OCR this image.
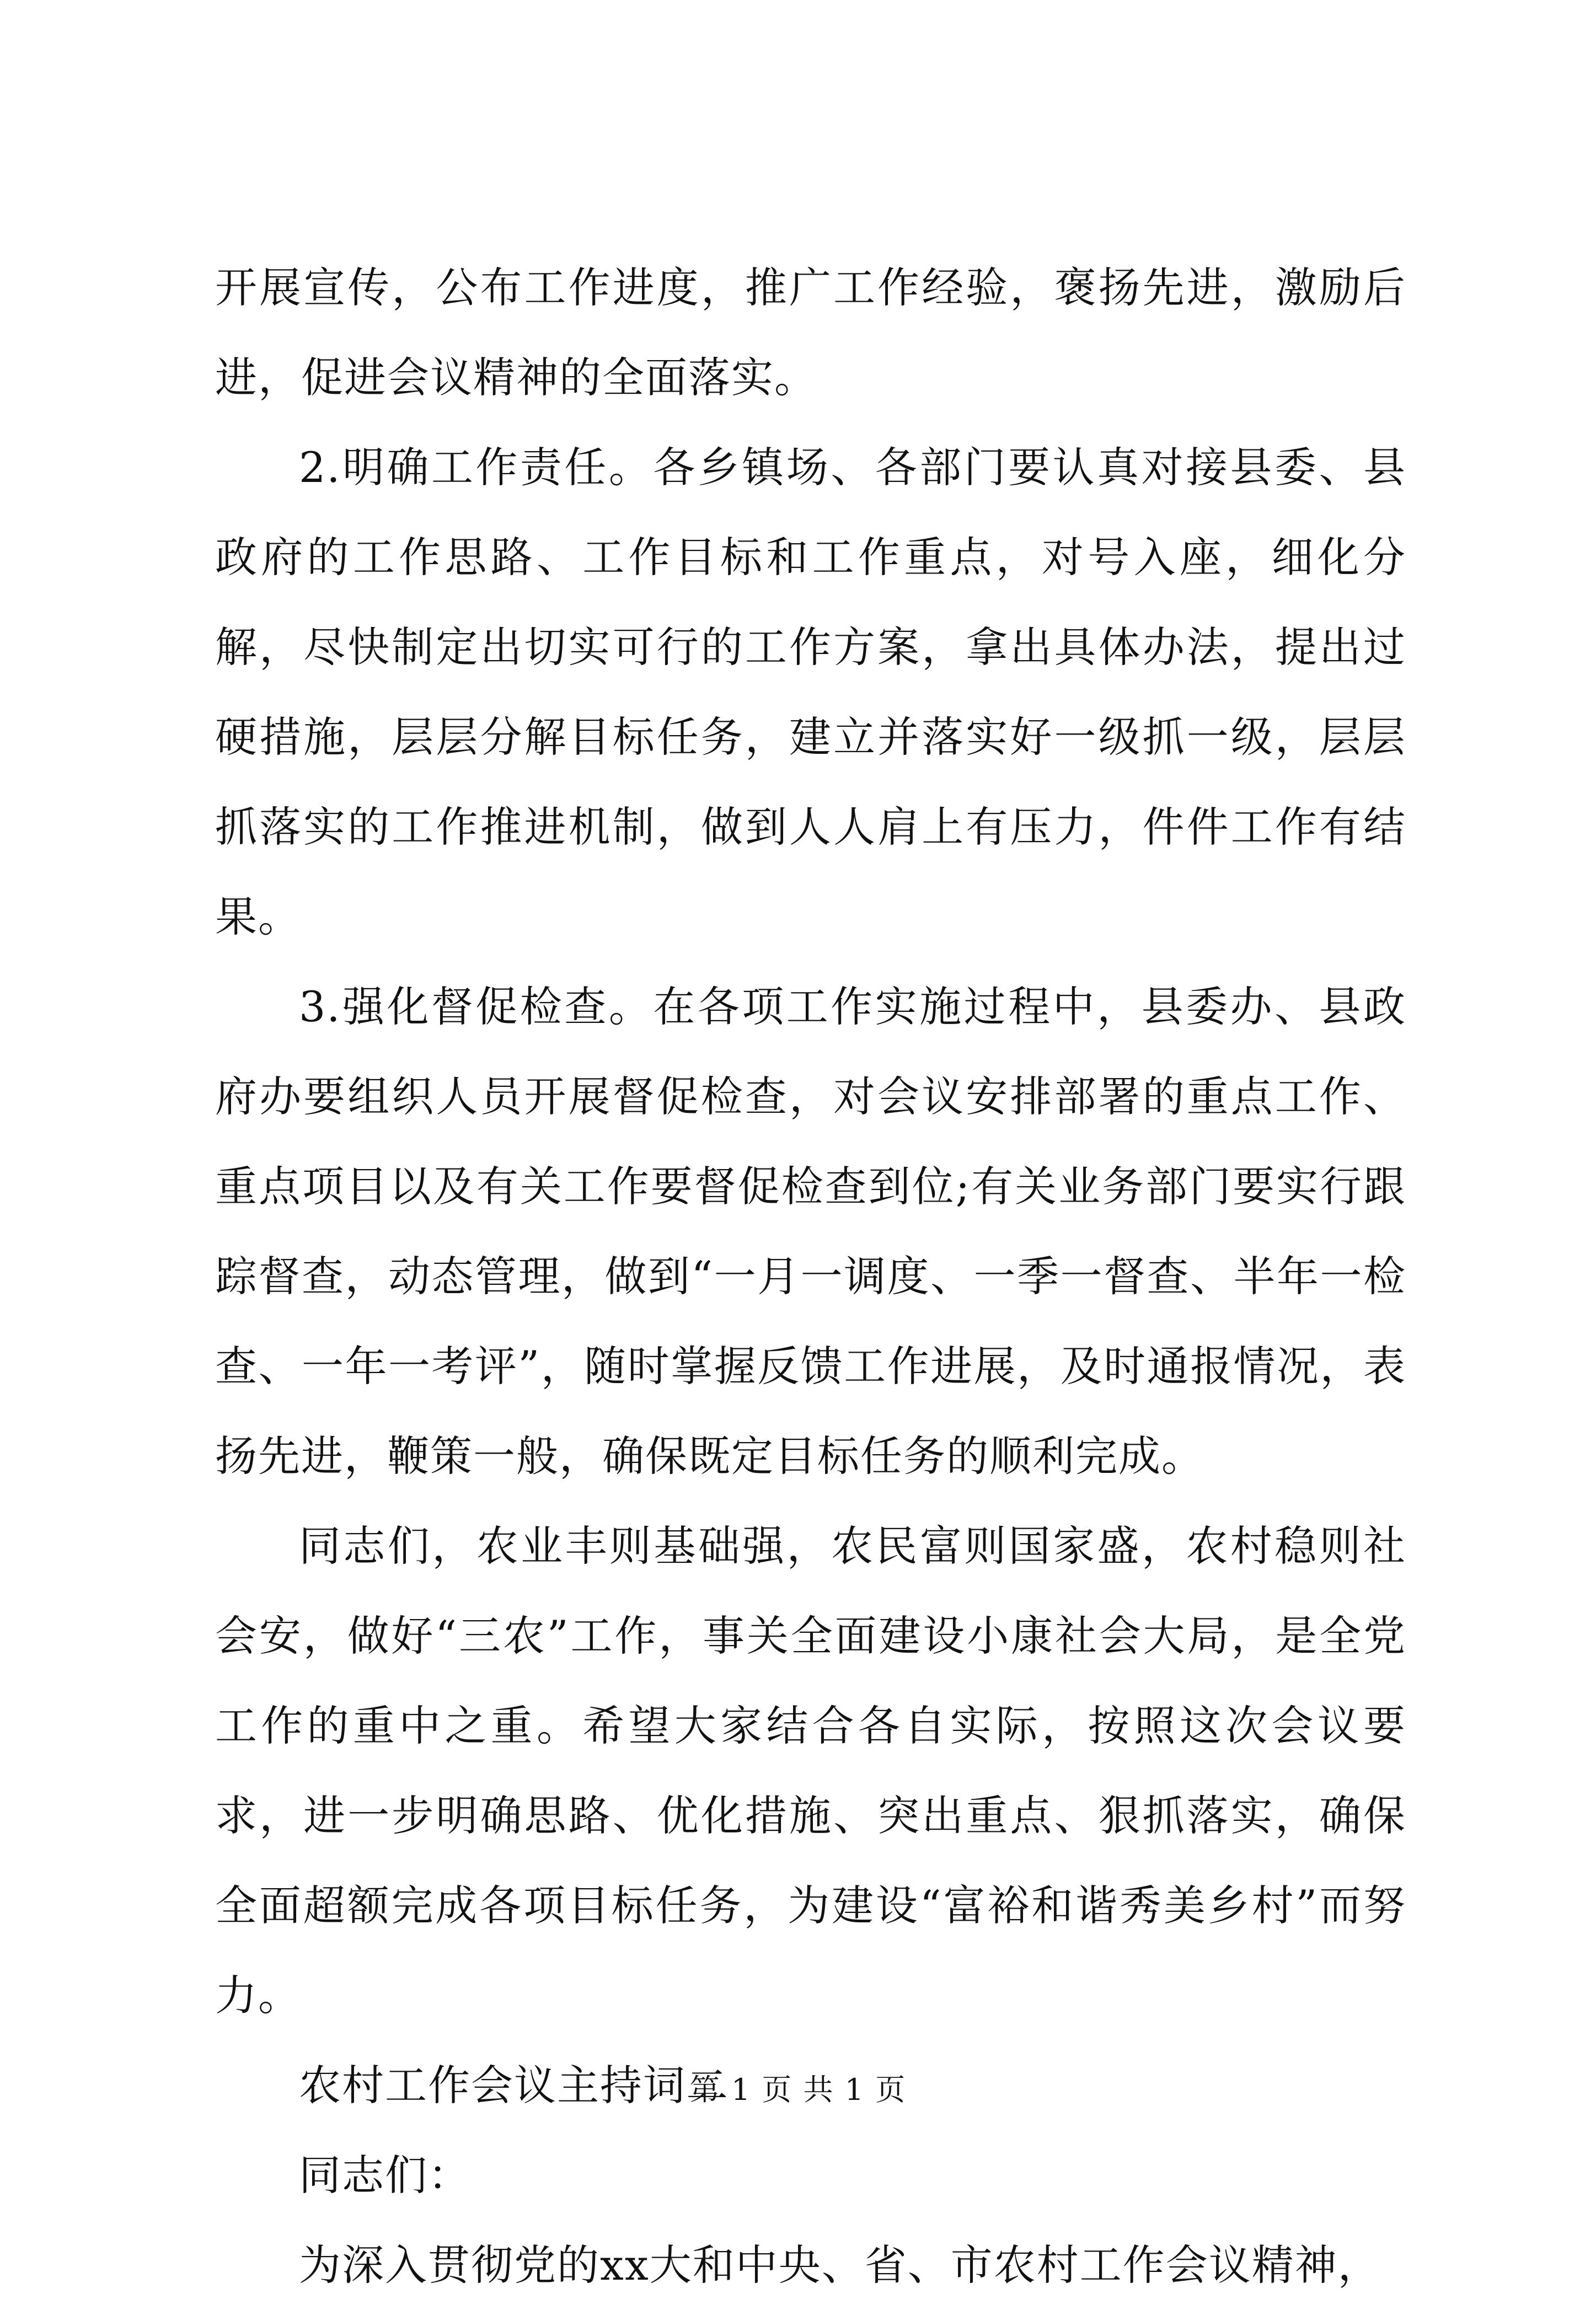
开展宣传，公布工作进度，推广工作经验，褒扬先进，激励后进，促进会议精神的全面落实。

2.明确工作责任。各乡镇场、各部门要认真对接县委、县政府的工作思路、工作目标和工作重点，对号入座，细化分解，尽快制定出切实可行的工作方案，拿出具体办法，提出过硬措施，层层分解目标任务，建立并落实好一级抓一级，层层抓落实的工作推进机制，做到人人肩上有压力，件件工作有结果。

3.强化督促检查。在各项工作实施过程中，县委办、县政府办要组织人员开展督促检查，对会议安排部署的重点工作、重点项目以及有关工作要督促检查到位;有关业务部门要实行跟踪督查，动态管理，做到“一月一调度、一季一督查、半年一检查、一年一考评”，随时掌握反馈工作进展，及时通报情况，表扬先进，鞭策一般，确保既定目标任务的顺利完成。

同志们，农业丰则基础强，农民富则国家盛，农村稳则社会安，做好“三农”工作，事关全面建设小康社会大局，是全党工作的重中之重。希望大家结合各自实际，按照这次会议要求，进一步明确思路、优化措施、突出重点、狠抓落实，确保全面超额完成各项目标任务，为建设“富裕和谐秀美乡村”而努力。

农村工作会议主持词二

同志们：

为深入贯彻党的xx大和中央、省、市农村工作会议精神，

第 1 页 共 1 页
